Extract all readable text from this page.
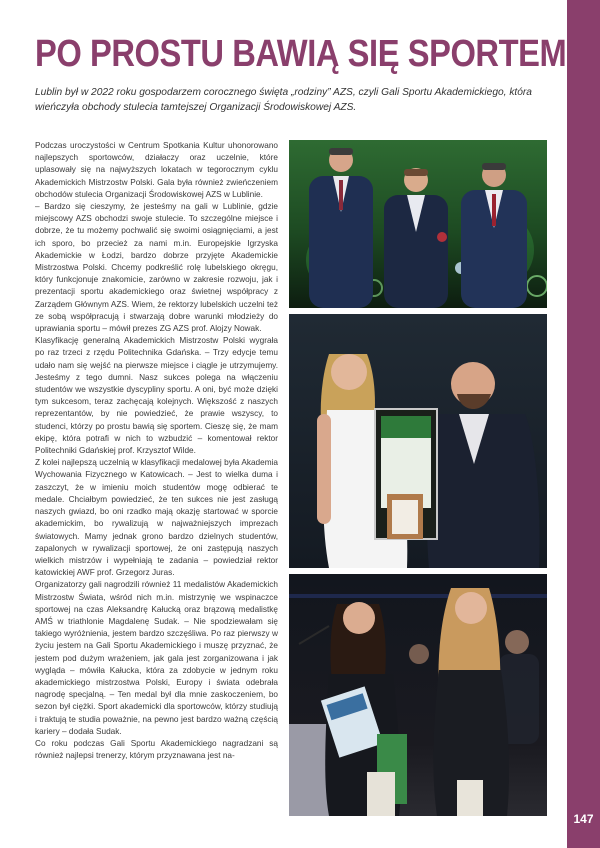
147
PO PROSTU BAWIĄ SIĘ SPORTEM

Lublin był w 2022 roku gospodarzem corocznego święta „rodziny” AZS, czyli Gali Sportu Akademickiego, która wieńczyła obchody stulecia tamtejszej Organizacji Środowiskowej AZS.

Podczas uroczystości w Centrum Spotkania Kultur uhonorowano najlepszych sportowców, działaczy oraz uczelnie, które uplasowały się na najwyższych lokatach w tegorocznym cyklu Akademickich Mistrzostw Polski. Gala była również zwieńczeniem obchodów stulecia Organizacji Środowiskowej AZS w Lublinie.

– Bardzo się cieszymy, że jesteśmy na gali w Lublinie, gdzie miejscowy AZS obchodzi swoje stulecie. To szczególne miejsce i dobrze, że tu możemy pochwalić się swoimi osiągnięciami, a jest ich sporo, bo przecież za nami m.in. Europejskie Igrzyska Akademickie w Łodzi, bardzo dobrze przyjęte Akademickie Mistrzostwa Polski. Chcemy podkreślić rolę lubelskiego okręgu, który funkcjonuje znakomicie, zarówno w zakresie rozwoju, jak i prezentacji sportu akademickiego oraz świetnej współpracy z Zarządem Głównym AZS. Wiem, że rektorzy lubelskich uczelni też ze sobą współpracują i stwarzają dobre warunki młodzieży do uprawiania sportu – mówił prezes ZG AZS prof. Alojzy Nowak.

Klasyfikację generalną Akademickich Mistrzostw Polski wygrała po raz trzeci z rzędu Politechnika Gdańska. – Trzy edycje temu udało nam się wejść na pierwsze miejsce i ciągle je utrzymujemy. Jesteśmy z tego dumni. Nasz sukces polega na włączeniu studentów we wszystkie dyscypliny sportu. A oni, być może dzięki tym sukcesom, teraz zachęcają kolejnych. Większość z naszych reprezentantów, by nie powiedzieć, że prawie wszyscy, to studenci, którzy po prostu bawią się sportem. Cieszę się, że mam ekipę, która potrafi w nich to wzbudzić – komentował rektor Politechniki Gdańskiej prof. Krzysztof Wilde.

Z kolei najlepszą uczelnią w klasyfikacji medalowej była Akademia Wychowania Fizycznego w Katowicach. – Jest to wielka duma i zaszczyt, że w imieniu moich studentów mogę odbierać te medale. Chciałbym powiedzieć, że ten sukces nie jest zasługą naszych gwiazd, bo oni rzadko mają okazję startować w sporcie akademickim, bo rywalizują w najważniejszych imprezach światowych. Mamy jednak grono bardzo dzielnych studentów, zapalonych w rywalizacji sportowej, że oni zastępują naszych wielkich mistrzów i wypełniają te zadania – powiedział rektor katowickiej AWF prof. Grzegorz Juras.

Organizatorzy gali nagrodzili również 11 medalistów Akademickich Mistrzostw Świata, wśród nich m.in. mistrzynię we wspinaczce sportowej na czas Aleksandrę Kałucką oraz brązową medalistkę AMŚ w triathlonie Magdalenę Sudak. – Nie spodziewałam się takiego wyróżnienia, jestem bardzo szczęśliwa. Po raz pierwszy w życiu jestem na Gali Sportu Akademickiego i muszę przyznać, że jestem pod dużym wrażeniem, jak gala jest zorganizowana i jak wygląda – mówiła Kałucka, która za zdobycie w jednym roku akademickiego mistrzostwa Polski, Europy i świata odebrała nagrodę specjalną. – Ten medal był dla mnie zaskoczeniem, bo sezon był ciężki. Sport akademicki dla sportowców, którzy studiują i traktują te studia poważnie, na pewno jest bardzo ważną częścią kariery – dodała Sudak.

Co roku podczas Gali Sportu Akademickiego nagradzani są również najlepsi trenerzy, którym przyznawana jest na-
